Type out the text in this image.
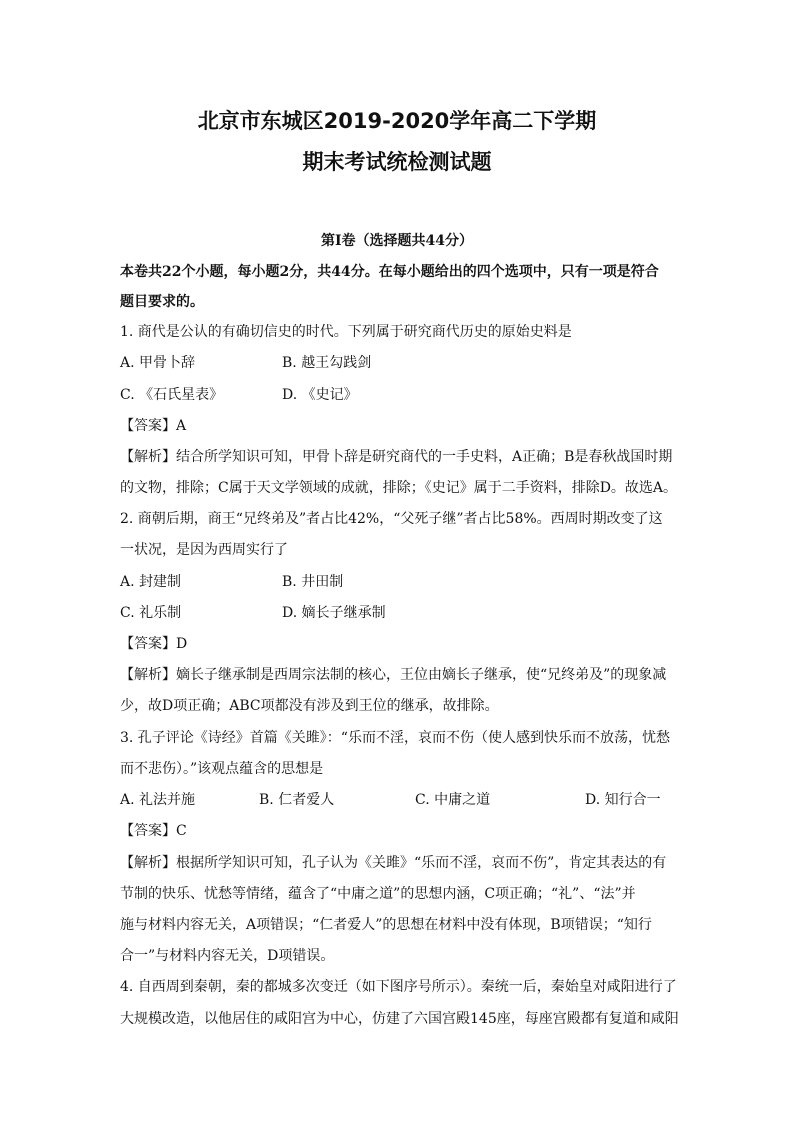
北京市东城区2019-2020学年高二下学期
期末考试统检测试题
第Ⅰ卷（选择题共44分）
本卷共22个小题，每小题2分，共44分。在每小题给出的四个选项中，只有一项是符合
题目要求的。
1. 商代是公认的有确切信史的时代。下列属于研究商代历史的原始史料是
A. 甲骨卜辞	B. 越王勾践剑
C. 《石氏星表》	D. 《史记》
【答案】A
【解析】结合所学知识可知，甲骨卜辞是研究商代的一手史料，A正确；B是春秋战国时期
的文物，排除；C属于天文学领域的成就，排除；《史记》属于二手资料，排除D。故选A。
2. 商朝后期，商王“兄终弟及”者占比42%，“父死子继”者占比58%。西周时期改变了这
一状况，是因为西周实行了
A. 封建制	B. 井田制
C. 礼乐制	D. 嫡长子继承制
【答案】D
【解析】嫡长子继承制是西周宗法制的核心，王位由嫡长子继承，使“兄终弟及”的现象减
少，故D项正确；ABC项都没有涉及到王位的继承，故排除。
3. 孔子评论《诗经》首篇《关雎》：“乐而不淫，哀而不伤（使人感到快乐而不放荡，忧愁
而不悲伤）。”该观点蕴含的思想是
A. 礼法并施	B. 仁者爱人	C. 中庸之道	D. 知行合一
【答案】C
【解析】根据所学知识可知，孔子认为《关雎》“乐而不淫，哀而不伤”，肯定其表达的有
节制的快乐、忧愁等情绪，蕴含了“中庸之道”的思想内涵，C项正确；“礼”、“法”并
施与材料内容无关，A项错误；“仁者爱人”的思想在材料中没有体现，B项错误；“知行
合一”与材料内容无关，D项错误。
4. 自西周到秦朝，秦的都城多次变迁（如下图序号所示）。秦统一后，秦始皇对咸阳进行了
大规模改造，以他居住的咸阳宫为中心，仿建了六国宫殿145座，每座宫殿都有复道和咸阳
